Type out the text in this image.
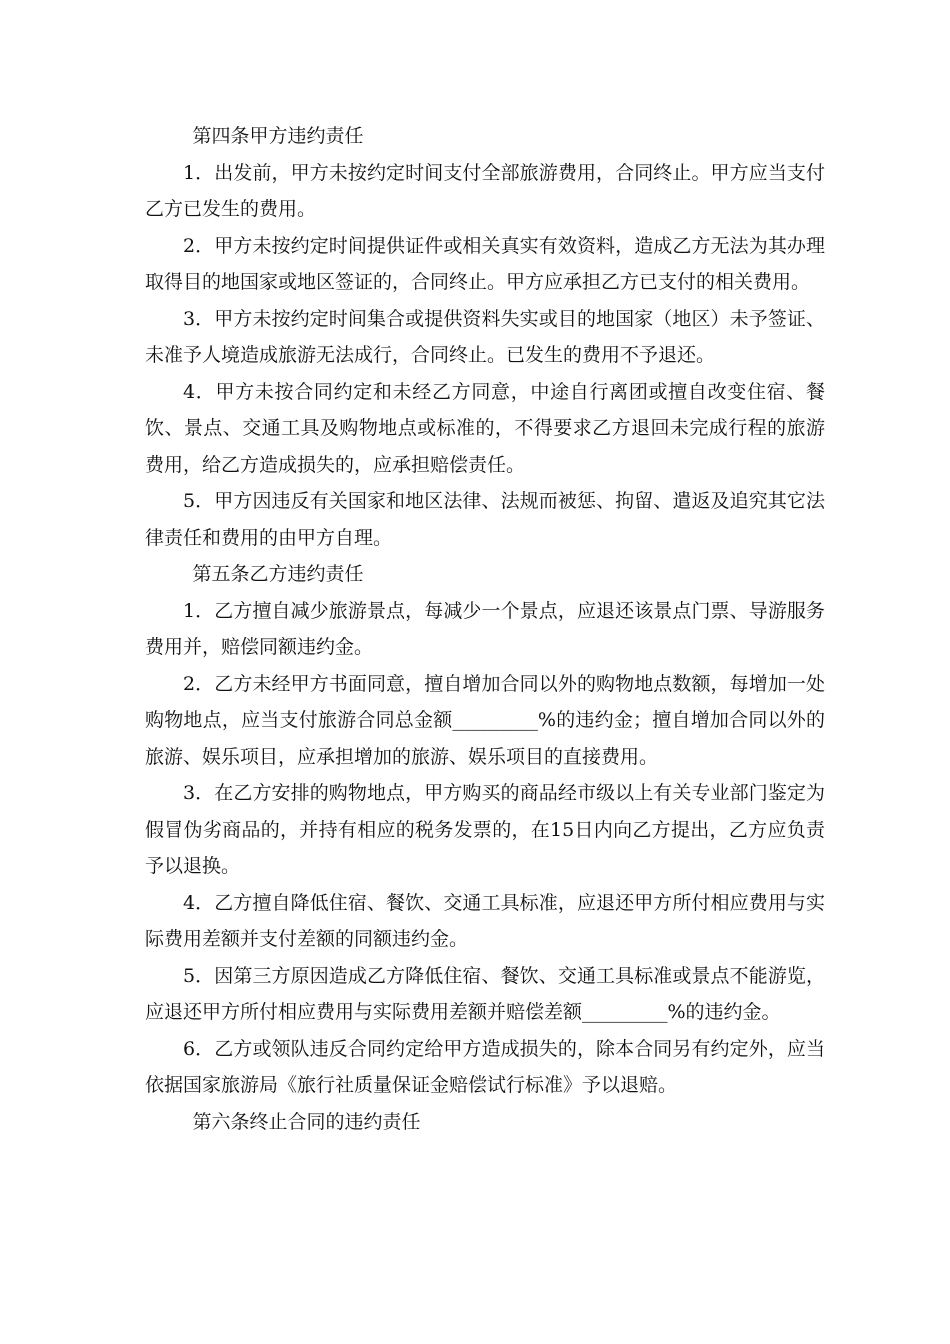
第四条甲方违约责任

1．出发前，甲方未按约定时间支付全部旅游费用，合同终止。甲方应当支付乙方已发生的费用。

2．甲方未按约定时间提供证件或相关真实有效资料，造成乙方无法为其办理取得目的地国家或地区签证的，合同终止。甲方应承担乙方已支付的相关费用。

3．甲方未按约定时间集合或提供资料失实或目的地国家（地区）未予签证、未准予人境造成旅游无法成行，合同终止。已发生的费用不予退还。

4．甲方未按合同约定和未经乙方同意，中途自行离团或擅自改变住宿、餐饮、景点、交通工具及购物地点或标准的，不得要求乙方退回未完成行程的旅游费用，给乙方造成损失的，应承担赔偿责任。

5．甲方因违反有关国家和地区法律、法规而被惩、拘留、遣返及追究其它法律责任和费用的由甲方自理。

第五条乙方违约责任

1．乙方擅自减少旅游景点，每减少一个景点，应退还该景点门票、导游服务费用并，赔偿同额违约金。

2．乙方未经甲方书面同意，擅自增加合同以外的购物地点数额，每增加一处购物地点，应当支付旅游合同总金额_________%的违约金；擅自增加合同以外的旅游、娱乐项目，应承担增加的旅游、娱乐项目的直接费用。

3．在乙方安排的购物地点，甲方购买的商品经市级以上有关专业部门鉴定为假冒伪劣商品的，并持有相应的税务发票的，在15日内向乙方提出，乙方应负责予以退换。

4．乙方擅自降低住宿、餐饮、交通工具标准，应退还甲方所付相应费用与实际费用差额并支付差额的同额违约金。

5．因第三方原因造成乙方降低住宿、餐饮、交通工具标准或景点不能游览，应退还甲方所付相应费用与实际费用差额并赔偿差额_________%的违约金。

6．乙方或领队违反合同约定给甲方造成损失的，除本合同另有约定外，应当依据国家旅游局《旅行社质量保证金赔偿试行标准》予以退赔。

第六条终止合同的违约责任
